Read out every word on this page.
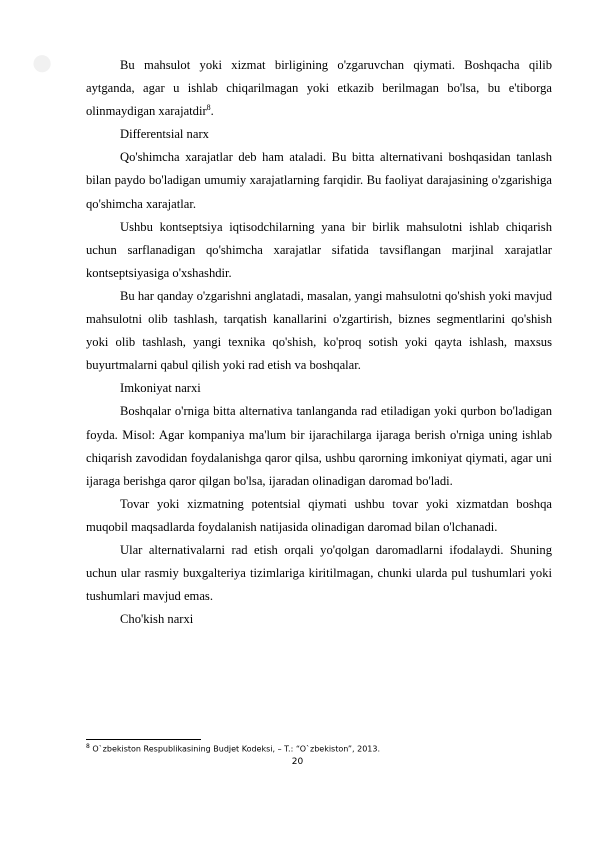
●	Bu mahsulot yoki xizmat birligining o'zgaruvchan qiymati. Boshqacha qilib aytganda, agar u ishlab chiqarilmagan yoki etkazib berilmagan bo'lsa, bu e'tiborga olinmaydigan xarajatdir$^8$.

Differentsial narx

Qo'shimcha xarajatlar deb ham ataladi. Bu bitta alternativani boshqasidan tanlash bilan paydo bo'ladigan umumiy xarajatlarning farqidir. Bu faoliyat darajasining o'zgarishiga qo'shimcha xarajatlar.

Ushbu kontseptsiya iqtisodchilarning yana bir birlik mahsulotni ishlab chiqarish uchun sarflanadigan qo'shimcha xarajatlar sifatida tavsiflangan marjinal xarajatlar kontseptsiyasiga o'xshashdir.

Bu har qanday o'zgarishni anglatadi, masalan, yangi mahsulotni qo'shish yoki mavjud mahsulotni olib tashlash, tarqatish kanallarini o'zgartirish, biznes segmentlarini qo'shish yoki olib tashlash, yangi texnika qo'shish, ko'proq sotish yoki qayta ishlash, maxsus buyurtmalarni qabul qilish yoki rad etish va boshqalar.

Imkoniyat narxi

Boshqalar o'rniga bitta alternativa tanlanganda rad etiladigan yoki qurbon bo'ladigan foyda. Misol: Agar kompaniya ma'lum bir ijarachilarga ijaraga berish o'rniga uning ishlab chiqarish zavodidan foydalanishga qaror qilsa, ushbu qarorning imkoniyat qiymati, agar uni ijaraga berishga qaror qilgan bo'lsa, ijaradan olinadigan daromad bo'ladi.

Tovar yoki xizmatning potentsial qiymati ushbu tovar yoki xizmatdan boshqa muqobil maqsadlarda foydalanish natijasida olinadigan daromad bilan o'lchanadi.

Ular alternativalarni rad etish orqali yo'qolgan daromadlarni ifodalaydi. Shuning uchun ular rasmiy buxgalteriya tizimlariga kiritilmagan, chunki ularda pul tushumlari yoki tushumlari mavjud emas.

Cho'kish narxi

$^8$ O`zbekiston Respublikasining Budjet Kodeksi, – T.: “O`zbekiston”, 2013.
20
